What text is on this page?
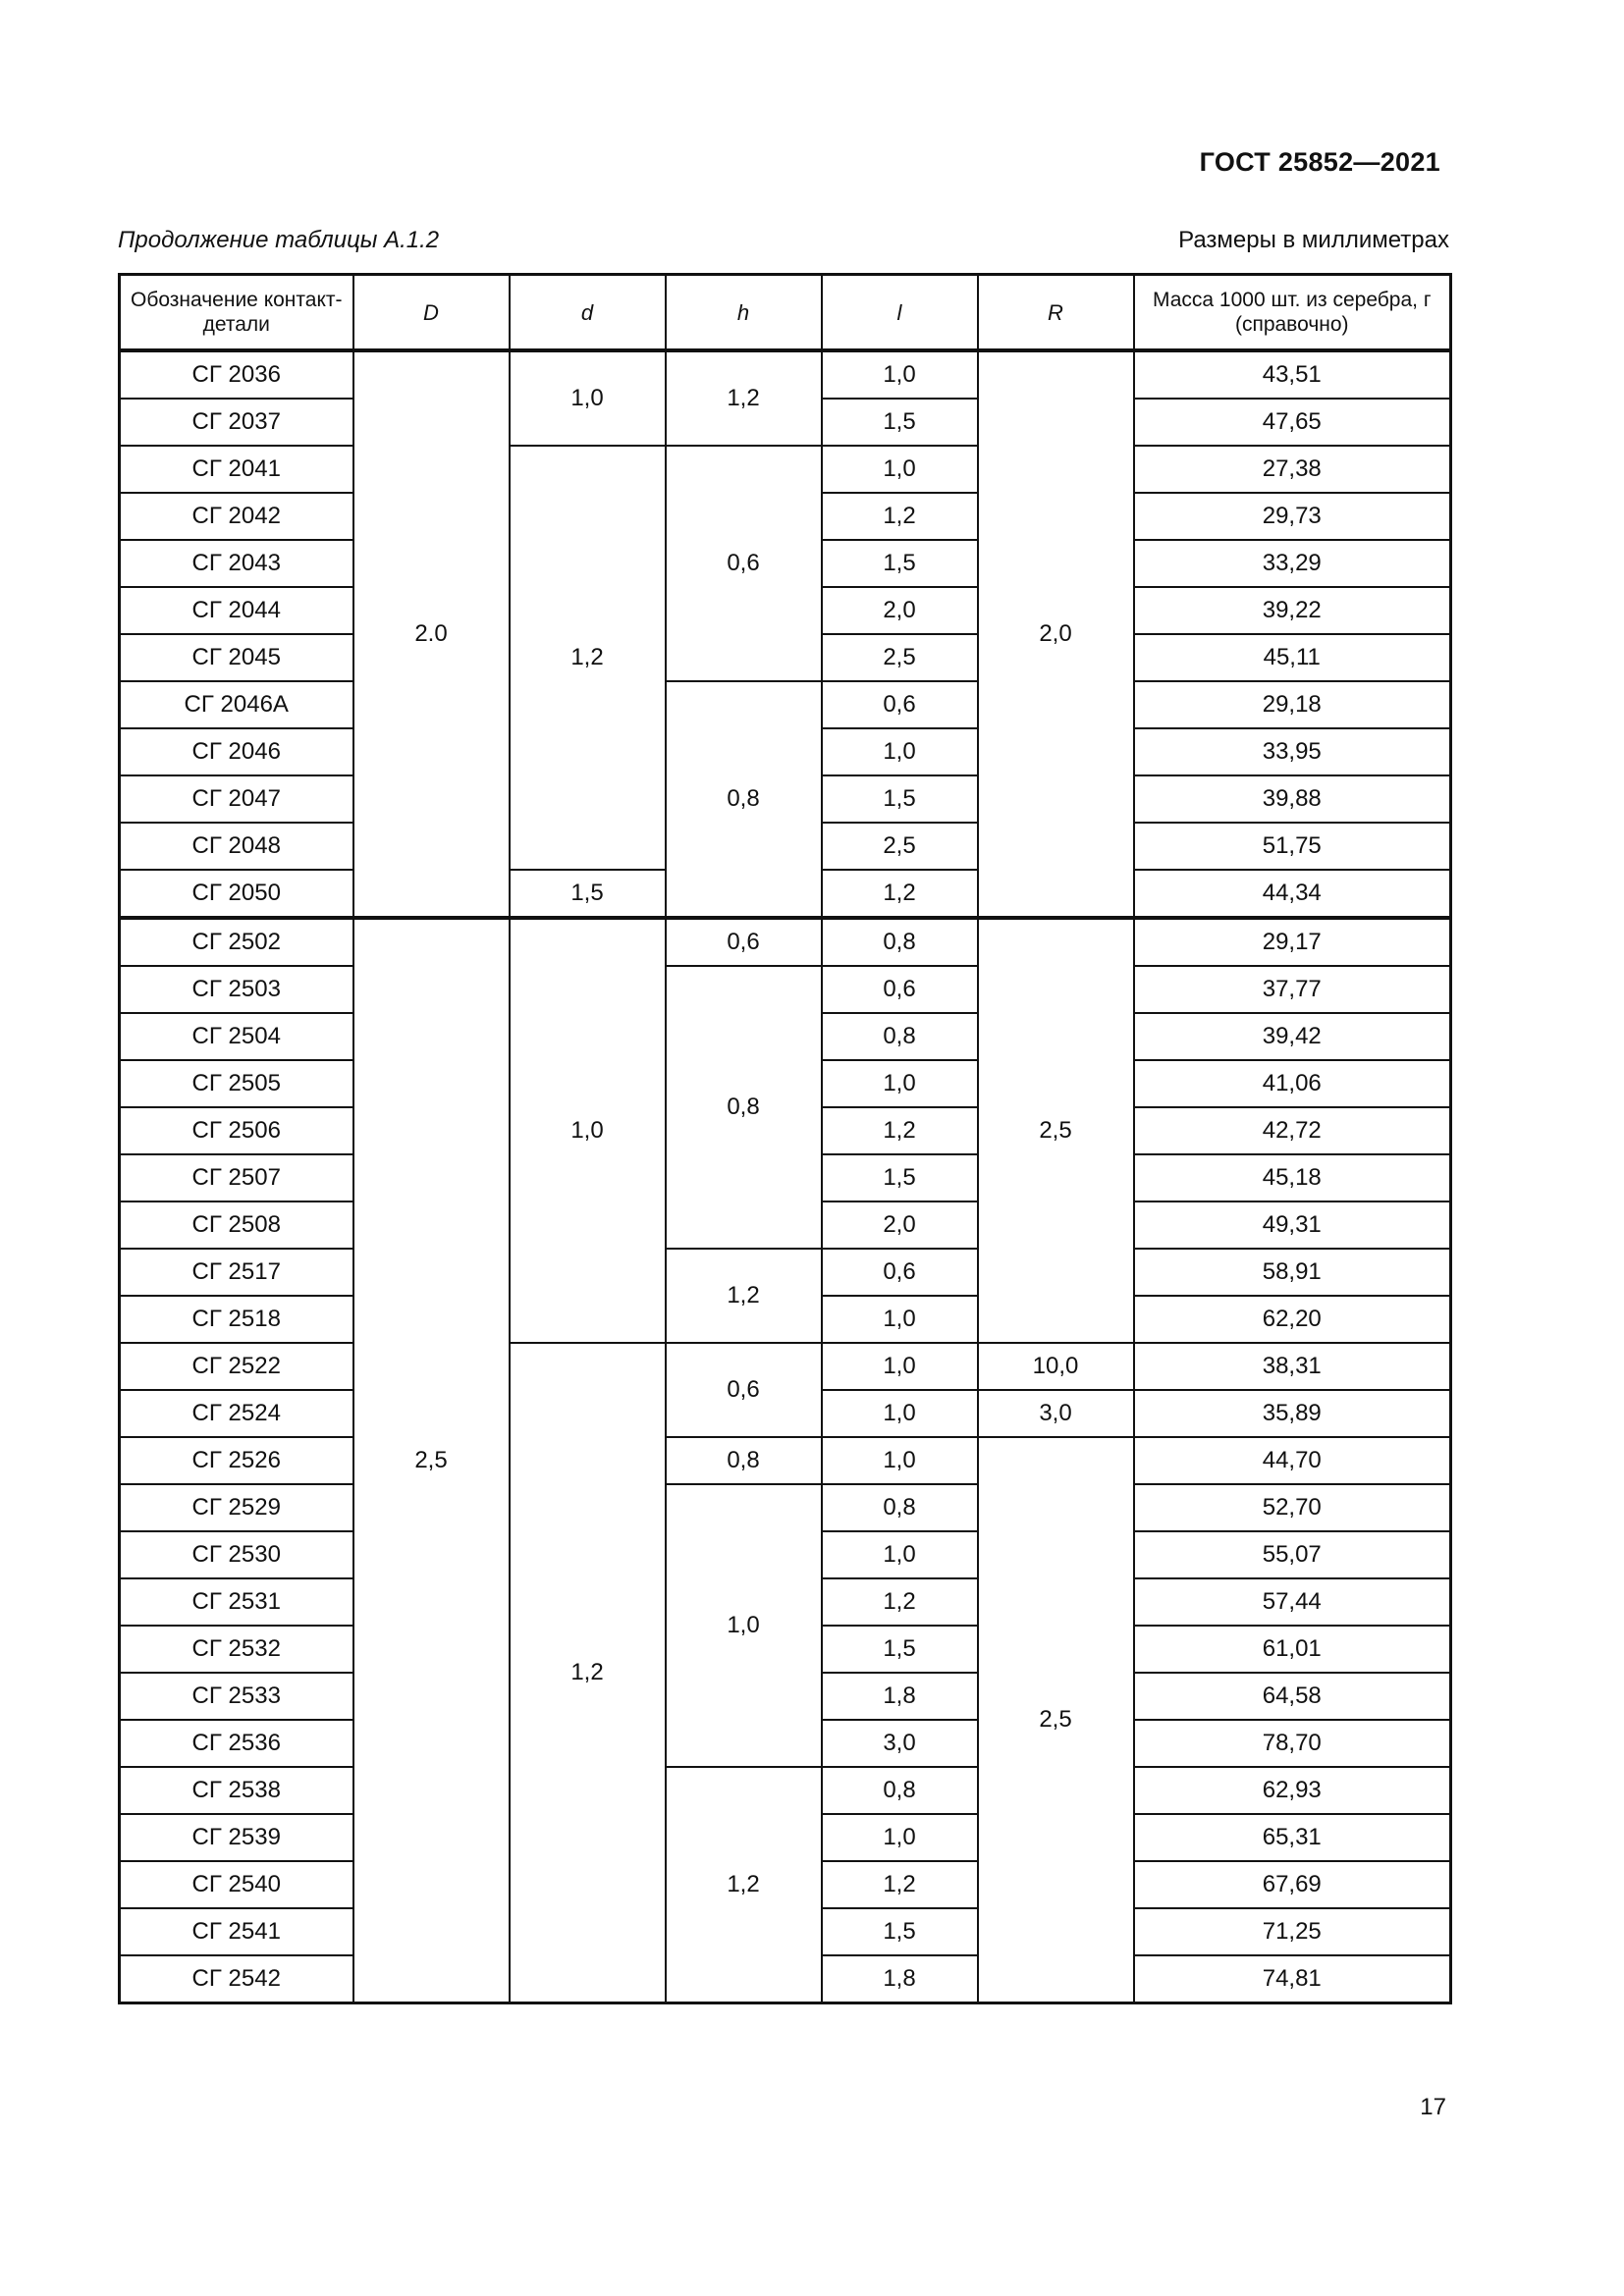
ГОСТ 25852—2021
Продолжение таблицы А.1.2	Размеры в миллиметрах
Обозначение контакт-детали	D	d	h	l	R	Масса 1000 шт. из серебра, г (справочно)
СГ 2036	2.0	1,0	1,2	1,0	2,0	43,51
СГ 2037				1,5		47,65
СГ 2041		1,2	0,6	1,0		27,38
СГ 2042				1,2		29,73
СГ 2043				1,5		33,29
СГ 2044				2,0		39,22
СГ 2045				2,5		45,11
СГ 2046А			0,8	0,6		29,18
СГ 2046				1,0		33,95
СГ 2047				1,5		39,88
СГ 2048				2,5		51,75
СГ 2050		1,5		1,2		44,34
СГ 2502	2,5	1,0	0,6	0,8	2,5	29,17
СГ 2503			0,8	0,6		37,77
СГ 2504				0,8		39,42
СГ 2505				1,0		41,06
СГ 2506				1,2		42,72
СГ 2507				1,5		45,18
СГ 2508				2,0		49,31
СГ 2517			1,2	0,6		58,91
СГ 2518				1,0		62,20
СГ 2522		1,2	0,6	1,0	10,0	38,31
СГ 2524				1,0	3,0	35,89
СГ 2526			0,8	1,0	2,5	44,70
СГ 2529			1,0	0,8		52,70
СГ 2530				1,0		55,07
СГ 2531				1,2		57,44
СГ 2532				1,5		61,01
СГ 2533				1,8		64,58
СГ 2536				3,0		78,70
СГ 2538			1,2	0,8		62,93
СГ 2539				1,0		65,31
СГ 2540				1,2		67,69
СГ 2541				1,5		71,25
СГ 2542				1,8		74,81
17
